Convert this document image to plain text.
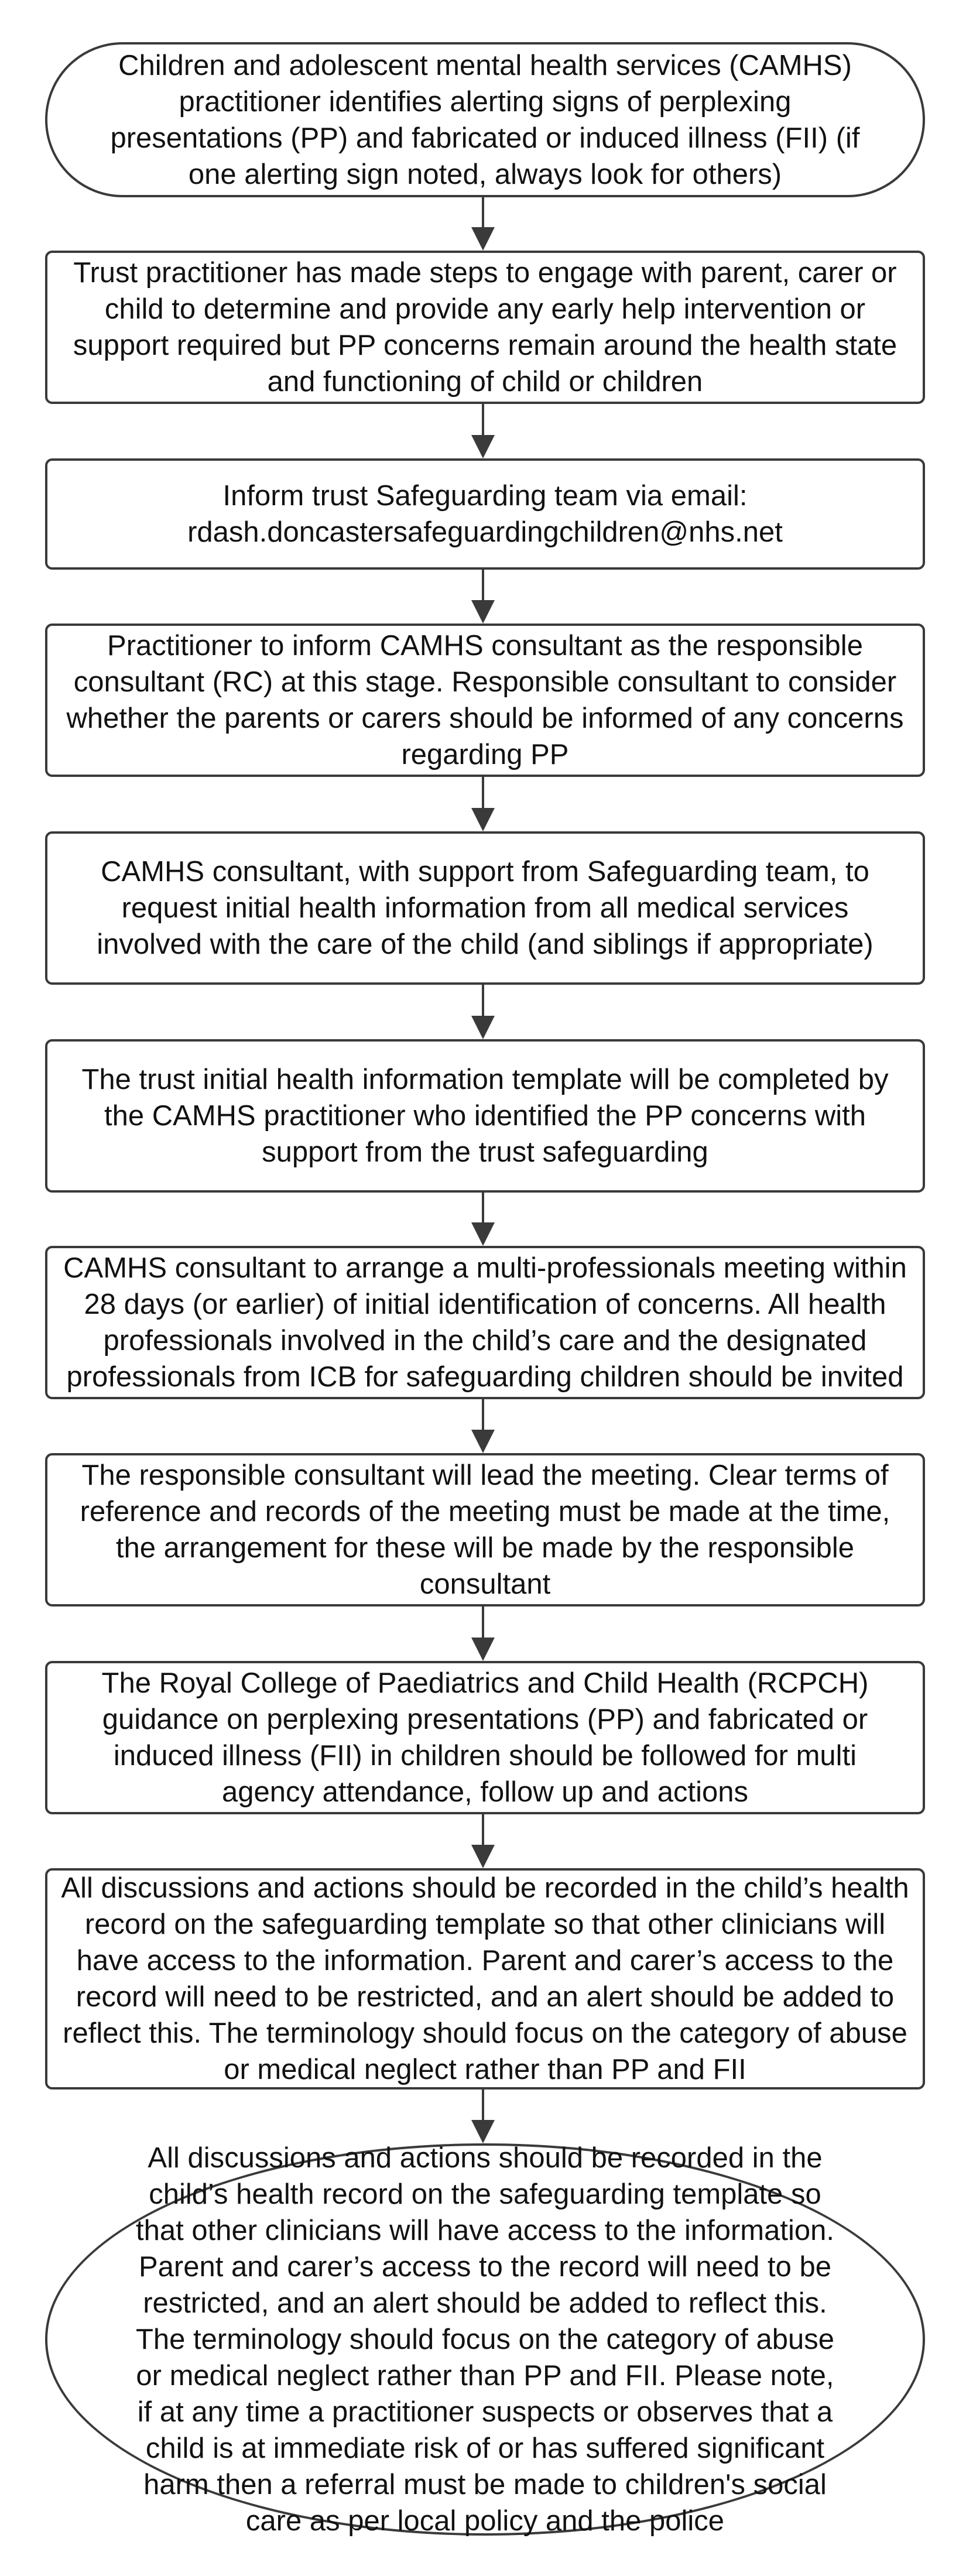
Children and adolescent mental health services (CAMHS) practitioner identifies alerting signs of perplexing presentations (PP) and fabricated or induced illness (FII) (if one alerting sign noted, always look for others)

Trust practitioner has made steps to engage with parent, carer or child to determine and provide any early help intervention or support required but PP concerns remain around the health state and functioning of child or children

Inform trust Safeguarding team via email: rdash.doncastersafeguardingchildren@nhs.net

Practitioner to inform CAMHS consultant as the responsible consultant (RC) at this stage. Responsible consultant to consider whether the parents or carers should be informed of any concerns regarding PP

CAMHS consultant, with support from Safeguarding team, to request initial health information from all medical services involved with the care of the child (and siblings if appropriate)

The trust initial health information template will be completed by the CAMHS practitioner who identified the PP concerns with support from the trust safeguarding

CAMHS consultant to arrange a multi-professionals meeting within 28 days (or earlier) of initial identification of concerns. All health professionals involved in the child’s care and the designated professionals from ICB for safeguarding children should be invited

The responsible consultant will lead the meeting. Clear terms of reference and records of the meeting must be made at the time, the arrangement for these will be made by the responsible consultant

The Royal College of Paediatrics and Child Health (RCPCH) guidance on perplexing presentations (PP) and fabricated or induced illness (FII) in children should be followed for multi agency attendance, follow up and actions

All discussions and actions should be recorded in the child’s health record on the safeguarding template so that other clinicians will have access to the information. Parent and carer’s access to the record will need to be restricted, and an alert should be added to reflect this. The terminology should focus on the category of abuse or medical neglect rather than PP and FII

All discussions and actions should be recorded in the child’s health record on the safeguarding template so that other clinicians will have access to the information. Parent and carer’s access to the record will need to be restricted, and an alert should be added to reflect this. The terminology should focus on the category of abuse or medical neglect rather than PP and FII. Please note, if at any time a practitioner suspects or observes that a child is at immediate risk of or has suffered significant harm then a referral must be made to children's social care as per local policy and the police
